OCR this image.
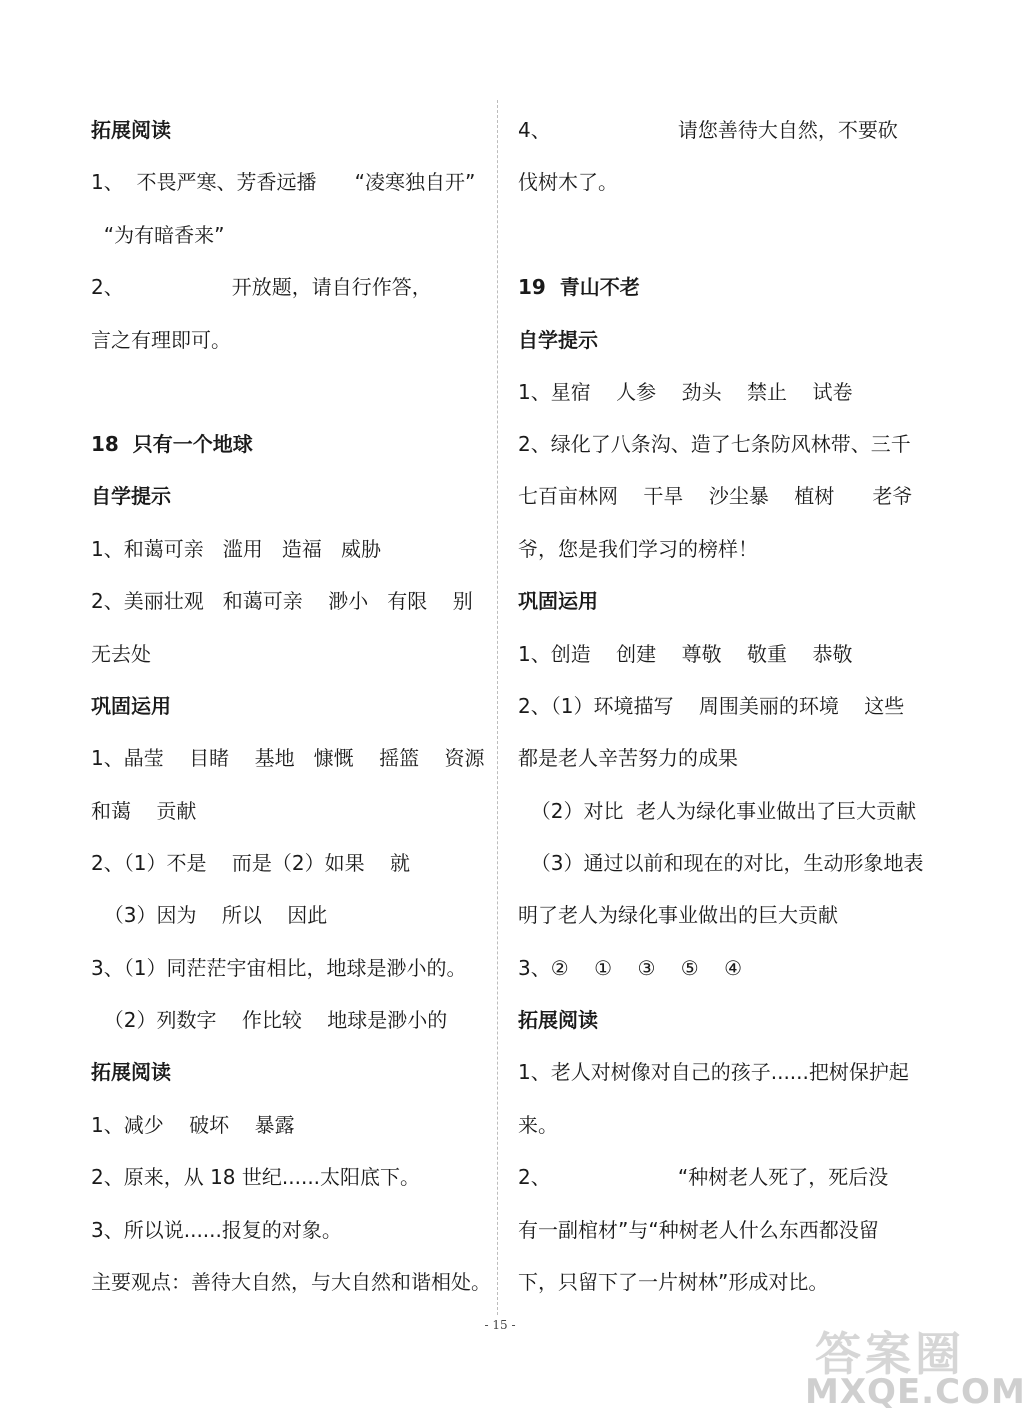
拓展阅读
1、  不畏严寒、芳香远播      “凌寒独自开”
“为有暗香来”
2、                 开放题，请自行作答，
言之有理即可。
18  只有一个地球
自学提示
1、和蔼可亲   滥用   造福   威胁
2、美丽壮观   和蔼可亲    渺小   有限    别
无去处
巩固运用
1、晶莹    目睹    基地   慷慨    摇篮    资源
和蔼    贡献
2、（1）不是    而是（2）如果    就
（3）因为    所以    因此
3、（1）同茫茫宇宙相比，地球是渺小的。
（2）列数字    作比较    地球是渺小的
拓展阅读
1、减少    破坏    暴露
2、原来，从 18 世纪......太阳底下。
3、所以说......报复的对象。
主要观点：善待大自然，与大自然和谐相处。
4、                    请您善待大自然，不要砍
伐树木了。
19  青山不老
自学提示
1、星宿    人参    劲头    禁止    试卷
2、绿化了八条沟、造了七条防风林带、三千
七百亩林网    干旱    沙尘暴    植树      老爷
爷，您是我们学习的榜样！
巩固运用
1、创造    创建    尊敬    敬重    恭敬
2、（1）环境描写    周围美丽的环境    这些
都是老人辛苦努力的成果
（2）对比  老人为绿化事业做出了巨大贡献
（3）通过以前和现在的对比，生动形象地表
明了老人为绿化事业做出的巨大贡献
3、②    ①    ③    ⑤    ④
拓展阅读
1、老人对树像对自己的孩子......把树保护起
来。
2、                    “种树老人死了，死后没
有一副棺材”与“种树老人什么东西都没留
下，只留下了一片树林”形成对比。
- 15 -
答案圈
MXQE.COM
